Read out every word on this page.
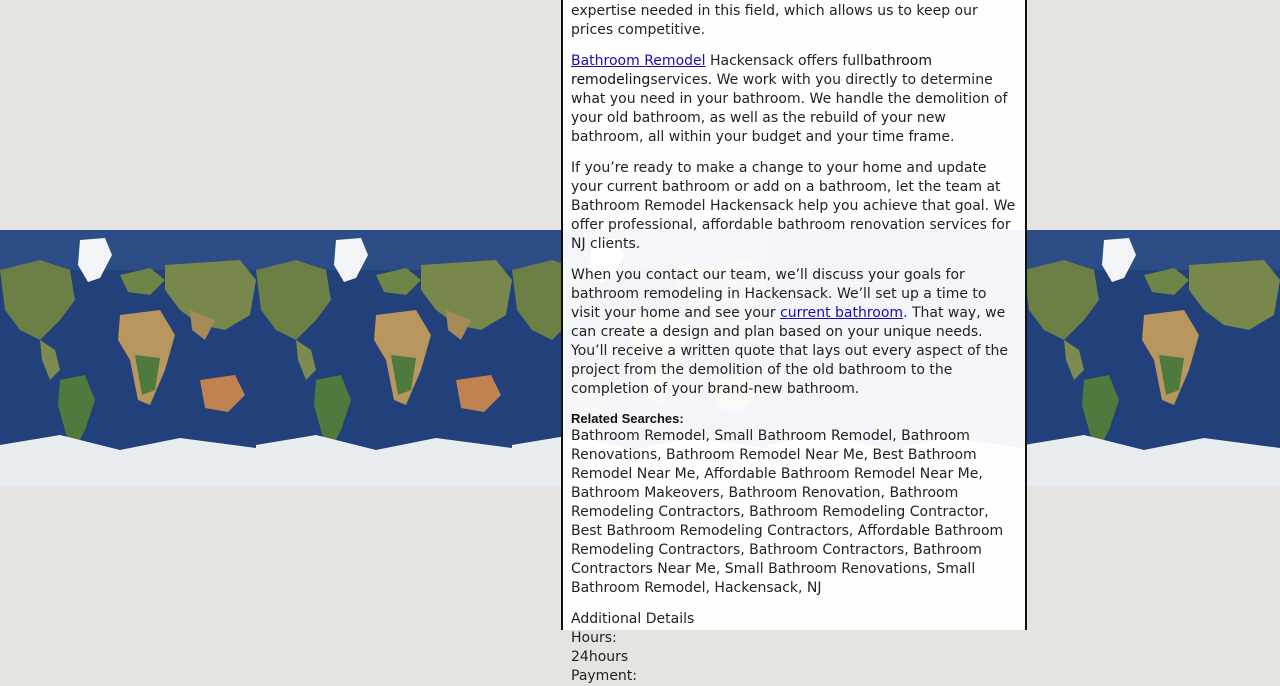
expertise needed in this field, which allows us to keep our prices competitive.

Bathroom Remodel Hackensack offers fullbathroom remodelingservices. We work with you directly to determine what you need in your bathroom. We handle the demolition of your old bathroom, as well as the rebuild of your new bathroom, all within your budget and your time frame.

If you’re ready to make a change to your home and update your current bathroom or add on a bathroom, let the team at Bathroom Remodel Hackensack help you achieve that goal. We offer professional, affordable bathroom renovation services for NJ clients.

When you contact our team, we’ll discuss your goals for bathroom remodeling in Hackensack. We’ll set up a time to visit your home and see your current bathroom. That way, we can create a design and plan based on your unique needs. You’ll receive a written quote that lays out every aspect of the project from the demolition of the old bathroom to the completion of your brand-new bathroom.

Related Searches:

Bathroom Remodel, Small Bathroom Remodel, Bathroom Renovations, Bathroom Remodel Near Me, Best Bathroom Remodel Near Me, Affordable Bathroom Remodel Near Me, Bathroom Makeovers, Bathroom Renovation, Bathroom Remodeling Contractors, Bathroom Remodeling Contractor, Best Bathroom Remodeling Contractors, Affordable Bathroom Remodeling Contractors, Bathroom Contractors, Bathroom Contractors Near Me, Small Bathroom Renovations, Small Bathroom Remodel, Hackensack, NJ

Additional Details
Hours:
24hours
Payment:
